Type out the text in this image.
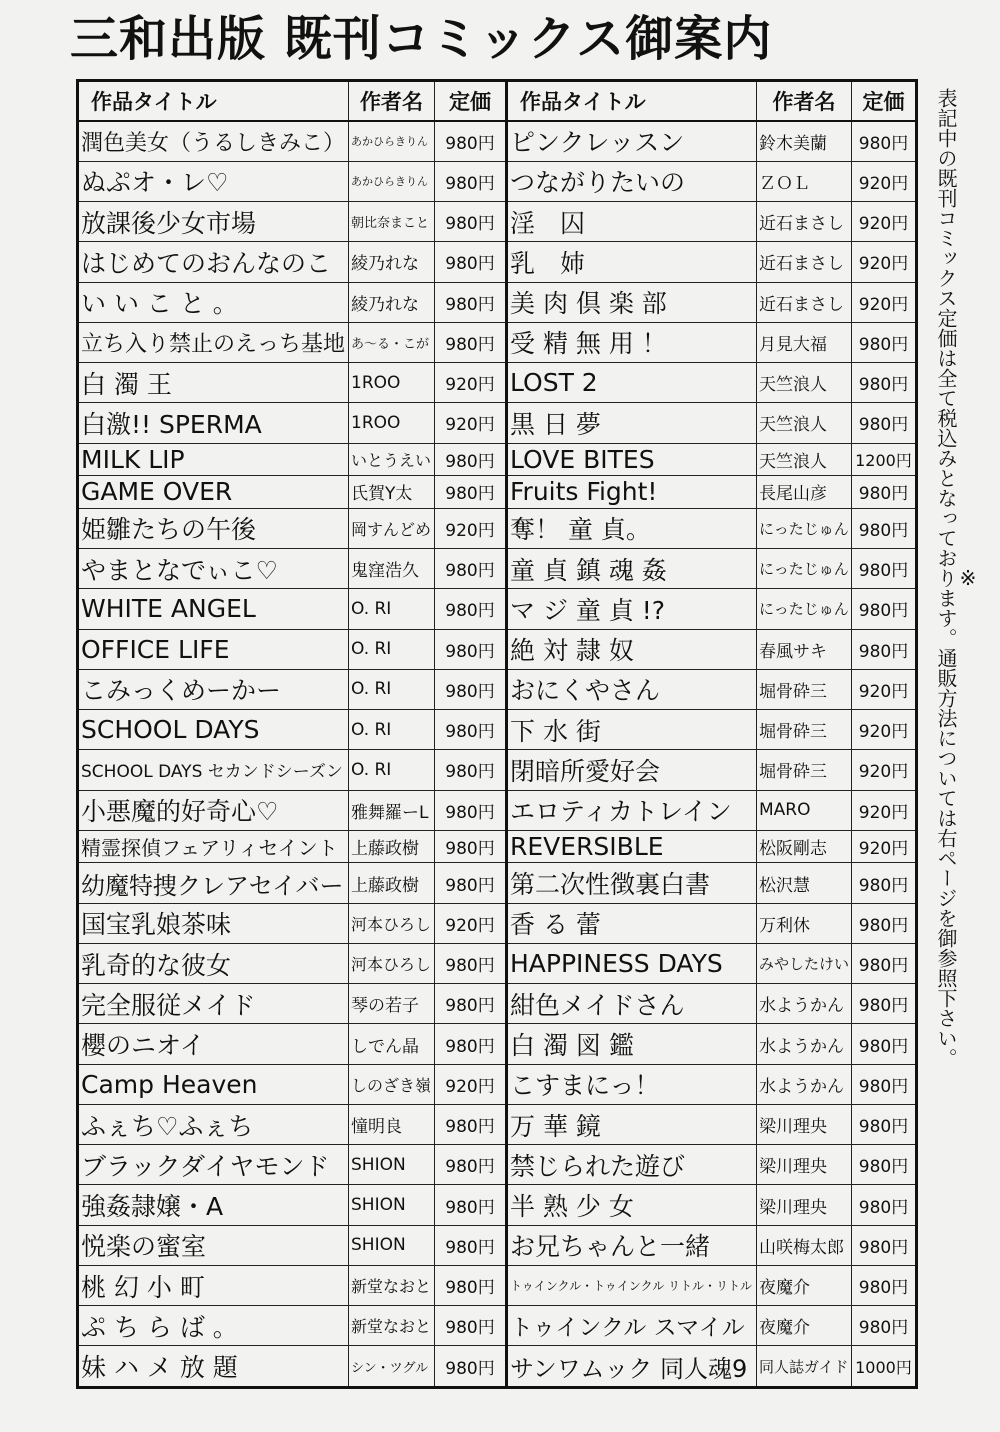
三和出版 既刊コミックス御案内
作品タイトル	作者名	定価	作品タイトル	作者名	定価
潤色美女（うるしきみこ）	あかひらきりん	980円	ピンクレッスン	鈴木美蘭	980円
ぬぷオ・レ♡	あかひらきりん	980円	つながりたいの	ＺＯＬ	920円
放課後少女市場	朝比奈まこと	980円	淫　囚	近石まさし	920円
はじめてのおんなのこ	綾乃れな	980円	乳　姉	近石まさし	920円
い い こ と 。	綾乃れな	980円	美 肉 倶 楽 部	近石まさし	920円
立ち入り禁止のえっち基地	あ〜る・こが	980円	受 精 無 用 ！	月見大福	980円
白 濁 王	1ROO	920円	LOST 2	天竺浪人	980円
白激!! SPERMA	1ROO	920円	黒 日 夢	天竺浪人	980円
MILK LIP	いとうえい	980円	LOVE BITES	天竺浪人	1200円
GAME OVER	氏賀Y太	980円	Fruits Fight!	長尾山彦	980円
姫雛たちの午後	岡すんどめ	920円	奪！ 童 貞。	にったじゅん	980円
やまとなでぃこ♡	鬼窪浩久	980円	童 貞 鎮 魂 姦	にったじゅん	980円
WHITE ANGEL	O. RI	980円	マ ジ 童 貞 !?	にったじゅん	980円
OFFICE LIFE	O. RI	980円	絶 対 隷 奴	春風サキ	980円
こみっくめーかー	O. RI	980円	おにくやさん	堀骨砕三	920円
SCHOOL DAYS	O. RI	980円	下 水 街	堀骨砕三	920円
SCHOOL DAYS セカンドシーズン	O. RI	980円	閉暗所愛好会	堀骨砕三	920円
小悪魔的好奇心♡	雅舞羅ーL	980円	エロティカトレイン	MARO	920円
精霊探偵フェアリィセイント	上藤政樹	980円	REVERSIBLE	松阪剛志	920円
幼魔特捜クレアセイバー	上藤政樹	980円	第二次性徴裏白書	松沢慧	980円
国宝乳娘茶味	河本ひろし	920円	香 る 蕾	万利休	980円
乳奇的な彼女	河本ひろし	980円	HAPPINESS DAYS	みやしたけい	980円
完全服従メイド	琴の若子	980円	紺色メイドさん	水ようかん	980円
櫻のニオイ	しでん晶	980円	白 濁 図 鑑	水ようかん	980円
Camp Heaven	しのざき嶺	920円	こすまにっ！	水ようかん	980円
ふぇち♡ふぇち	憧明良	980円	万 華 鏡	梁川理央	980円
ブラックダイヤモンド	SHION	980円	禁じられた遊び	梁川理央	980円
強姦隷嬢・A	SHION	980円	半 熟 少 女	梁川理央	980円
悦楽の蜜室	SHION	980円	お兄ちゃんと一緒	山咲梅太郎	980円
桃 幻 小 町	新堂なおと	980円	トゥインクル・トゥインクル リトル・リトル	夜魔介	980円
ぷ ち ら ば 。	新堂なおと	980円	トゥインクル スマイル	夜魔介	980円
妹 ハ メ 放 題	シン・ツグル	980円	サンワムック 同人魂9	同人誌ガイド	1000円
※
表記中の既刊コミックス定価は全て税込みとなっております。通販方法については右ページを御参照下さい。
